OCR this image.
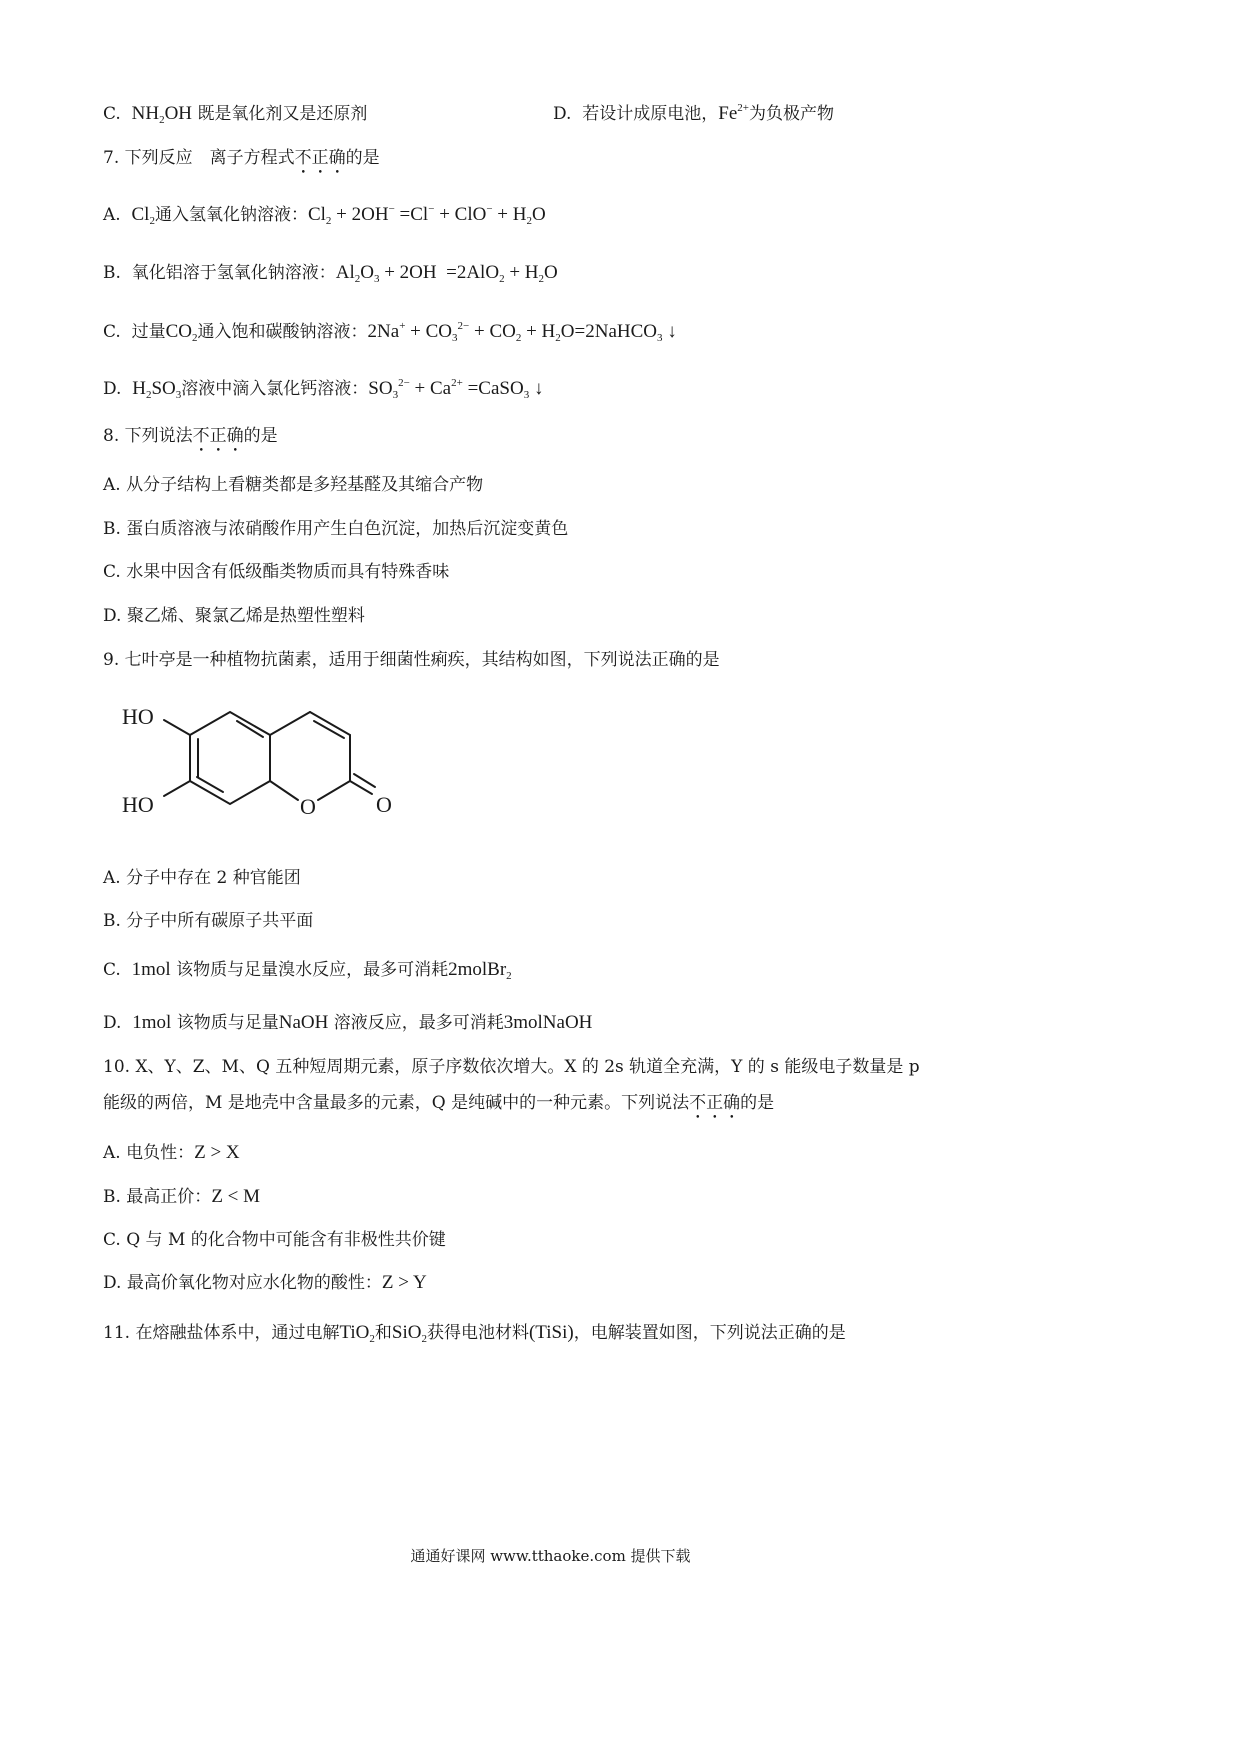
C. $NH_2OH$ 既是氧化剂又是还原剂	D. 若设计成原电池，$Fe^{2+}$为负极产物
7. 下列反应　离子方程式不正确的是
A. $Cl_2$通入氢氧化钠溶液：$Cl_2 + 2OH^- =Cl^- + ClO^- + H_2O$
B. 氧化铝溶于氢氧化钠溶液：$Al_2O_3 + 2OH =2AlO_2 + H_2O$
C. 过量$CO_2$通入饱和碳酸钠溶液：$2Na^+ + CO_3^{2-} + CO_2$ + $H_2O=2NaHCO_3$ ↓
D. $H_2SO_3$溶液中滴入氯化钙溶液：$SO_3^{2-} + Ca^{2+}$ =CaSO$_3$ ↓
8. 下列说法不正确的是
A. 从分子结构上看糖类都是多羟基醛及其缩合产物
B. 蛋白质溶液与浓硝酸作用产生白色沉淀，加热后沉淀变黄色
C. 水果中因含有低级酯类物质而具有特殊香味
D. 聚乙烯、聚氯乙烯是热塑性塑料
9. 七叶亭是一种植物抗菌素，适用于细菌性痢疾，其结构如图，下列说法正确的是
HO
HO	O	O
A. 分子中存在 2 种官能团
B. 分子中所有碳原子共平面
C. 1mol 该物质与足量溴水反应，最多可消耗2molBr$_2$
D. 1mol 该物质与足量NaOH 溶液反应，最多可消耗3molNaOH
10. X、Y、Z、M、Q 五种短周期元素，原子序数依次增大。X 的 2s 轨道全充满，Y 的 s 能级电子数量是 p
能级的两倍，M 是地壳中含量最多的元素，Q 是纯碱中的一种元素。下列说法不正确的是
A. 电负性：Z > X
B. 最高正价：Z < M
C. Q 与 M 的化合物中可能含有非极性共价键
D. 最高价氧化物对应水化物的酸性：Z > Y
11. 在熔融盐体系中，通过电解TiO$_2$和SiO$_2$获得电池材料(TiSi)，电解装置如图，下列说法正确的是
通通好课网 www.tthaoke.com 提供下载
